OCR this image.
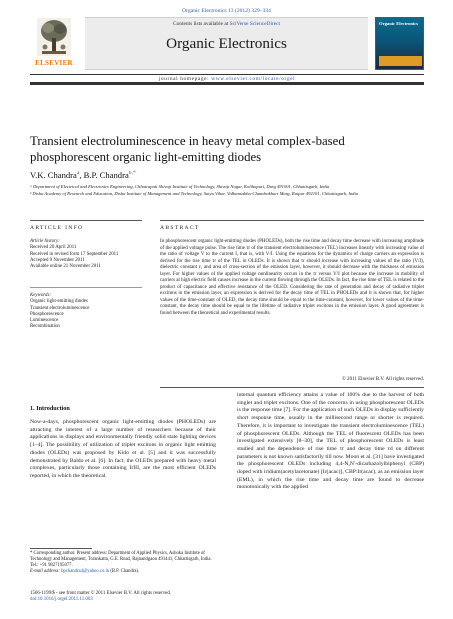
Organic Electronics 13 (2012) 329–334
ELSEVIER
Contents lists available at SciVerse ScienceDirect
Organic Electronics
Organic Electronics
journal homepage: www.elsevier.com/locate/orgel
Transient electroluminescence in heavy metal complex-based phosphorescent organic light-emitting diodes
V.K. Chandra$^a$, B.P. Chandra$^{b,*}$
ᵃ Department of Electrical and Electronics Engineering, Chhatrapati Shivaji Institute of Technology, Shivaji Nagar, Kolihapuri, Durg 491001, Chhattisgarh, India
ᵇ Disha Academy of Research and Education, Disha Institute of Management and Technology, Satya Vihar, Vidhansabha-Chandrakhuri Marg, Raipur 492101, Chhattisgarh, India
ARTICLE INFO	ABSTRACT
Article history:
Received 20 April 2011
Received in revised form 17 September 2011
Accepted 9 November 2011
Available online 21 November 2011
Keywords:
Organic light-emitting diodes
Transient electroluminescence
Phosphorescence
Luminescence
Recombination
In phosphorescent organic light-emitting diodes (PHOLEDs), both the rise time and decay time decrease with increasing amplitude of the applied voltage pulse. The rise time τr of the transient electroluminescence (TEL) increases linearly with increasing value of the ratio of voltage V to the current I, that is, with V/I. Using the equations for the dynamics of charge carriers an expression is derived for the rise time τr of the TEL in OLEDs. It is shown that τr should increase with increasing values of the ratio (V/I), dielectric constant ε, and area of cross-section of the emission layer, however, it should decrease with the thickness of emission layer. For higher values of the applied voltage nonlinearity occurs in the τr versus V/I plot because the increase in mobility of carriers at high electric field causes increase in the current flowing through the OLEDs. In fact, the rise time of TEL is related to the product of capacitance and effective resistance of the OLED. Considering the rate of generation and decay of radiative triplet excitons in the emission layer, an expression is derived for the decay time of TEL in PHOLEDs and it is shown that, for higher values of the time-constant of OLED, the decay time should be equal to the time-constant, however, for lower values of the time-constant, the decay time should be equal to the lifetime of radiative triplet excitons in the emission layer. A good agreement is found between the theoretical and experimental results.
© 2011 Elsevier B.V. All rights reserved.
1. Introduction
Now-a-days, phosphorescent organic light-emitting diodes (PHOLEDs) are attracting the interest of a large number of researchers because of their applications in displays and environmentally friendly solid state lighting devices [1–4]. The possibility of utilization of triplet excitons in organic light emitting diodes (OLEDs) was proposed by Kido et al. [5] and it was successfully demonstrated by Baldo et al. [6]. In fact, the OLEDs prepared with heavy metal complexes, particularly those containing IrIII, are the most efficient OLEDs reported, in which the theoretical
internal quantum efficiency attains a value of 100% due to the harvest of both singlet and triplet excitons. One of the concerns in using phosphorescent OLEDs is the response time [7]. For the application of such OLEDs in display sufficiently short response time, usually in the millisecond range or shorter is required. Therefore, it is important to investigate the transient electroluminescence (TEL) of phosphorescent OLEDs. Although the TEL of fluorescent OLEDs has been investigated extensively [8–30], the TEL of phosphorescent OLEDs is least studied and the dependence of rise time τr and decay time τd on different parameters is not known satisfactorily till now. Moon et al. [31] have investigated the phosphorescent OLEDs including 4,4-N,N′-dicarbazolylbiphenyl (CBP) doped with iridium(acetylacetonate) [Ir(acac)], CBP:Ir(acac), as an emission layer (EML), in which the rise time and decay time are found to decrease monotonically with the applied
* Corresponding author. Present address: Department of Applied Physics, Ashoka Institute of Technology and Management, Torankatta, G.E. Road, Rajnandgaon 491441, Chhattisgarh, India. Tel.: +91 9827195077.
E-mail address: bpchandra4@yahoo.co.in (B.P. Chandra).
1566-1199/$ - see front matter © 2011 Elsevier B.V. All rights reserved.
doi:10.1016/j.orgel.2011.11.003
